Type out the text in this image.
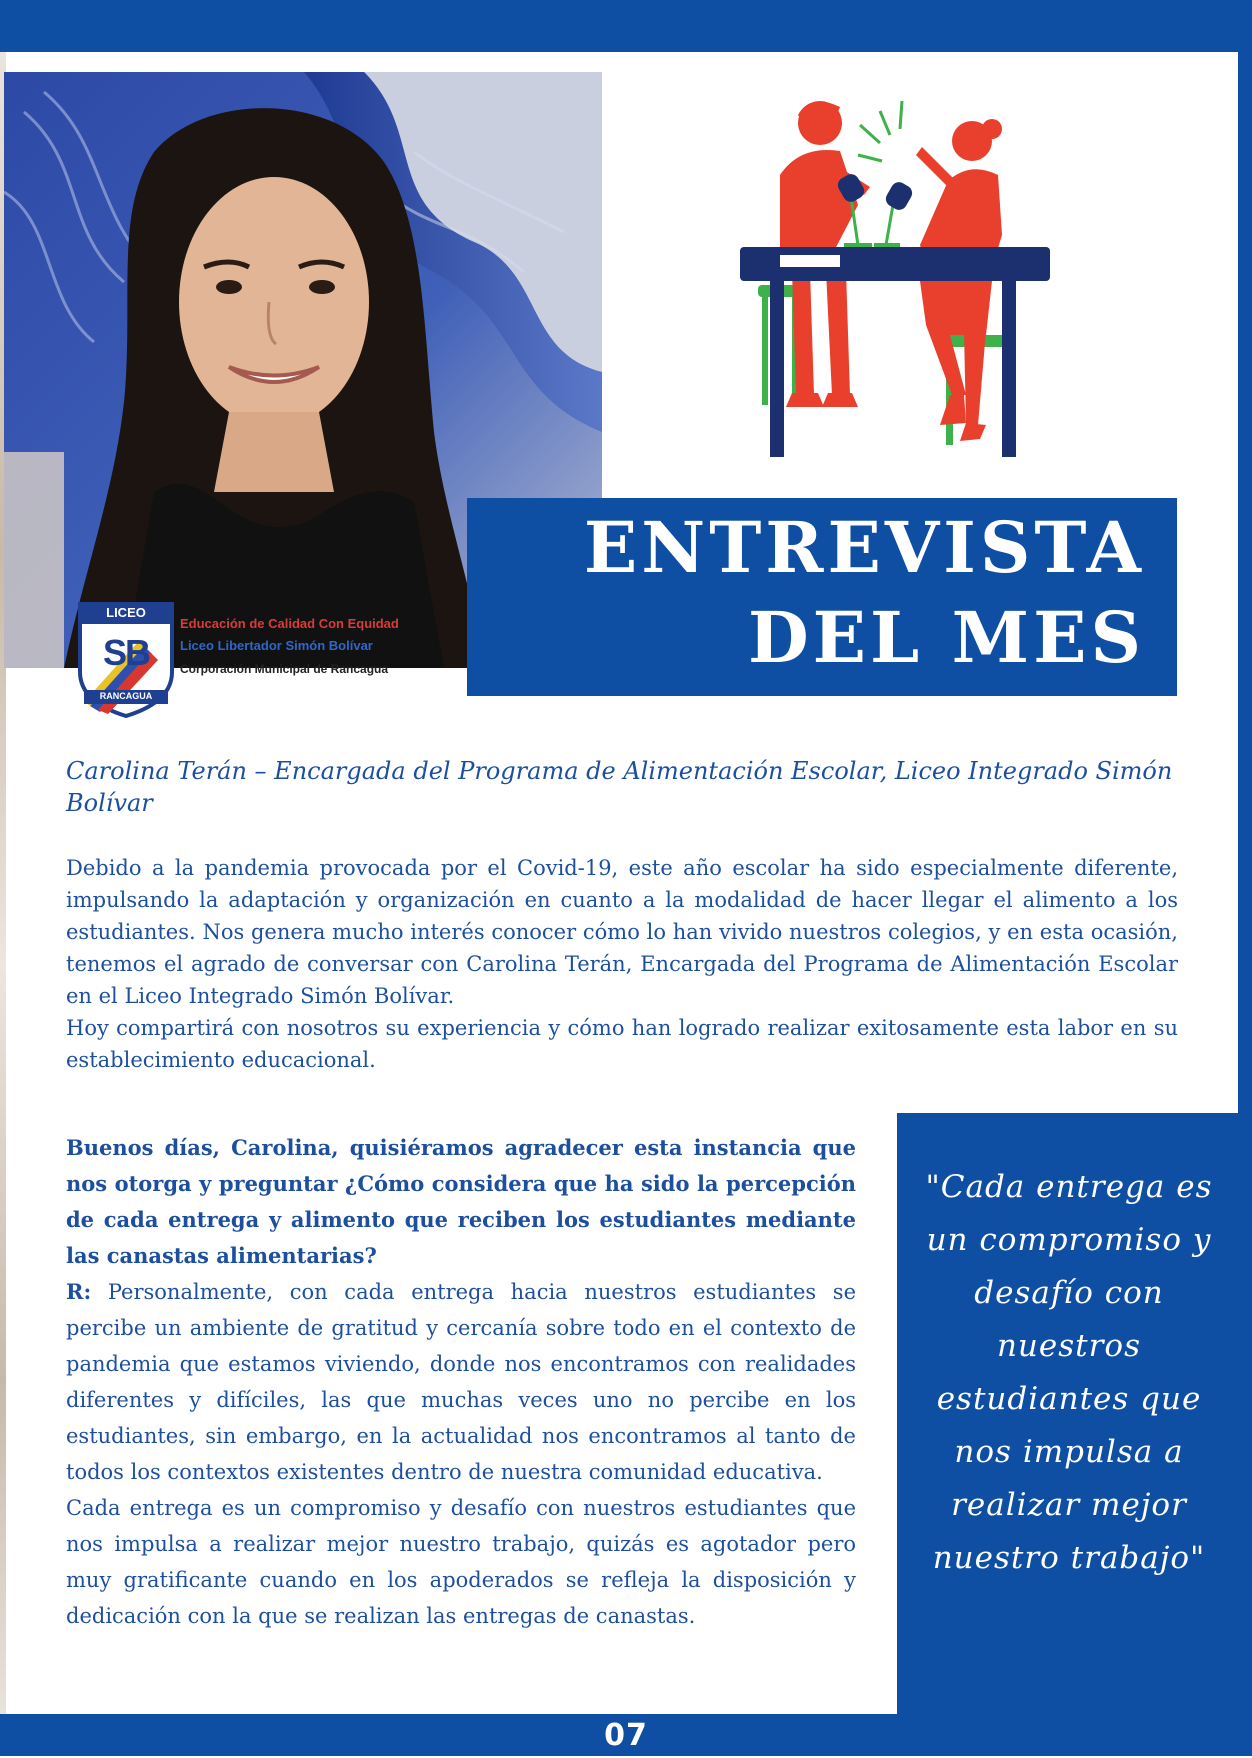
LICEO
SB
RANCAGUA
Educación de Calidad Con Equidad
Liceo Libertador Simón Bolívar
Corporación Municipal de Rancagua
ENTREVISTA
DEL MES
Carolina Terán – Encargada del Programa de Alimentación Escolar, Liceo Integrado Simón Bolívar

Debido a la pandemia provocada por el Covid-19, este año escolar ha sido especialmente diferente, impulsando la adaptación y organización en cuanto a la modalidad de hacer llegar el alimento a los estudiantes. Nos genera mucho interés conocer cómo lo han vivido nuestros colegios, y en esta ocasión, tenemos el agrado de conversar con Carolina Terán, Encargada del Programa de Alimentación Escolar en el Liceo Integrado Simón Bolívar.

Hoy compartirá con nosotros su experiencia y cómo han logrado realizar exitosamente esta labor en su establecimiento educacional.

Buenos días, Carolina, quisiéramos agradecer esta instancia que nos otorga y preguntar ¿Cómo considera que ha sido la percepción de cada entrega y alimento que reciben los estudiantes mediante las canastas alimentarias?

R: Personalmente, con cada entrega hacia nuestros estudiantes se percibe un ambiente de gratitud y cercanía sobre todo en el contexto de pandemia que estamos viviendo, donde nos encontramos con realidades diferentes y difíciles, las que muchas veces uno no percibe en los estudiantes, sin embargo, en la actualidad nos encontramos al tanto de todos los contextos existentes dentro de nuestra comunidad educativa.

Cada entrega es un compromiso y desafío con nuestros estudiantes que nos impulsa a realizar mejor nuestro trabajo, quizás es agotador pero muy gratificante cuando en los apoderados se refleja la disposición y dedicación con la que se realizan las entregas de canastas.

"Cada entrega es un compromiso y desafío con nuestros estudiantes que nos impulsa a realizar mejor nuestro trabajo"
07
